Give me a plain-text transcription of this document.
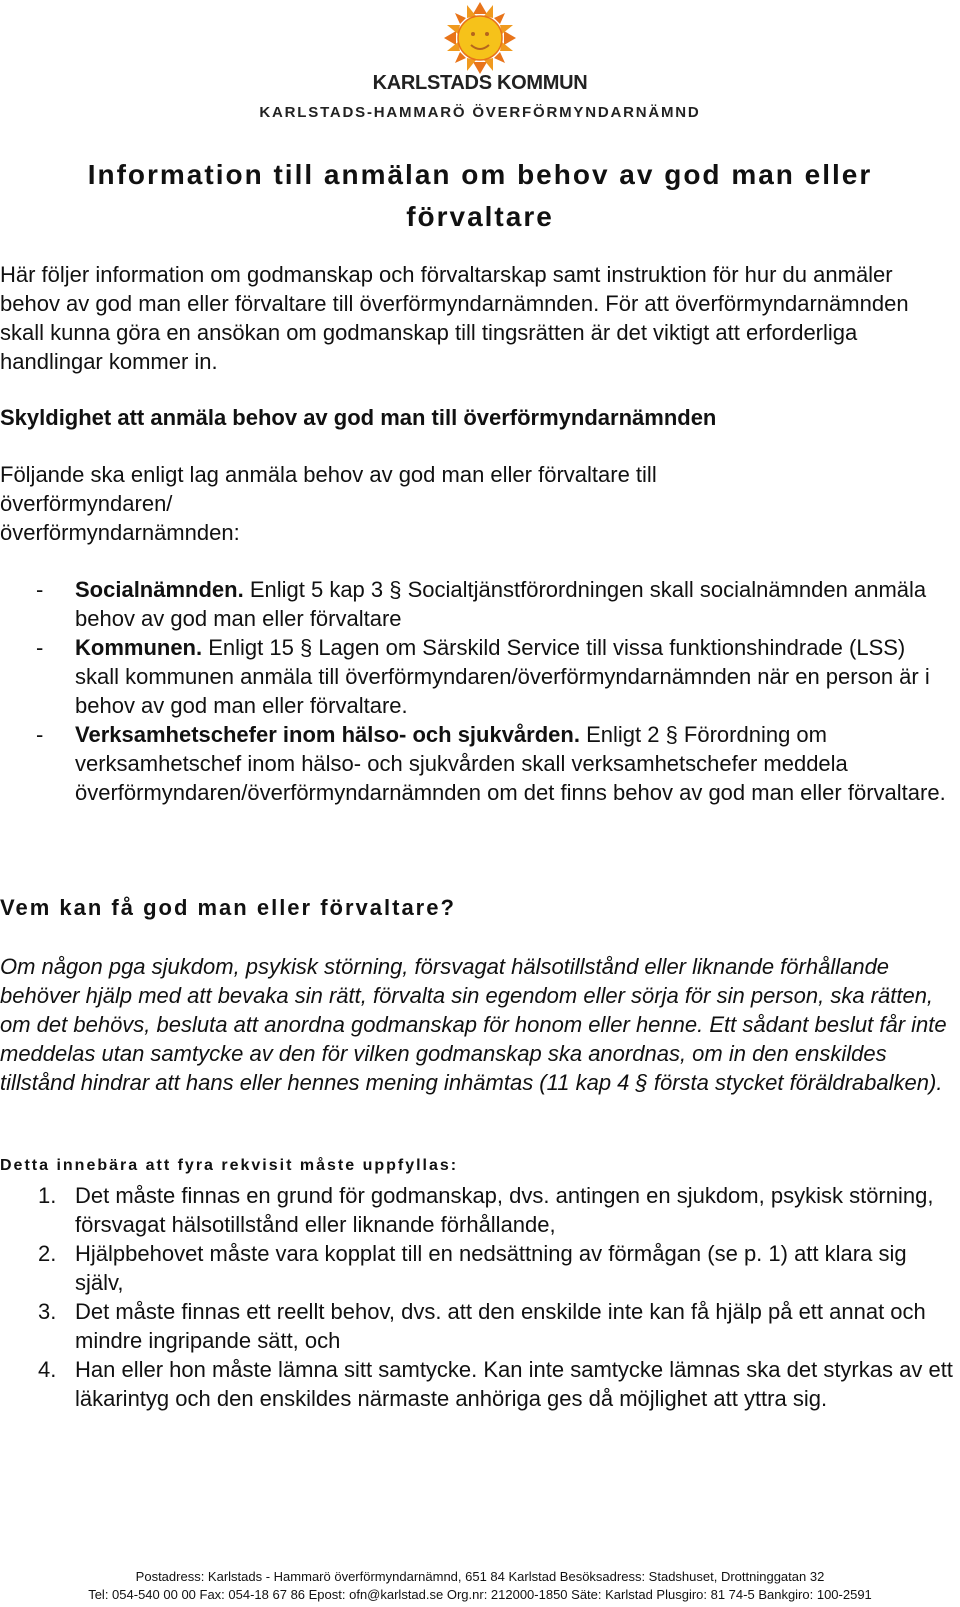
KARLSTADS KOMMUN
KARLSTADS-HAMMARÖ ÖVERFÖRMYNDARNÄMND
Information till anmälan om behov av god man eller förvaltare

Här följer information om godmanskap och förvaltarskap samt instruktion för hur du anmäler behov av god man eller förvaltare till överförmyndarnämnden. För att överförmyndarnämnden skall kunna göra en ansökan om godmanskap till tingsrätten är det viktigt att erforderliga handlingar kommer in.

Skyldighet att anmäla behov av god man till överförmyndarnämnden
Följande ska enligt lag anmäla behov av god man eller förvaltare till
överförmyndaren/
överförmyndarnämnden:
- Socialnämnden. Enligt 5 kap 3 § Socialtjänstförordningen skall socialnämnden anmäla behov av god man eller förvaltare
- Kommunen. Enligt 15 § Lagen om Särskild Service till vissa funktionshindrade (LSS) skall kommunen anmäla till överförmyndaren/överförmyndarnämnden när en person är i behov av god man eller förvaltare.
- Verksamhetschefer inom hälso- och sjukvården. Enligt 2 § Förordning om verksamhetschef inom hälso- och sjukvården skall verksamhetschefer meddela överförmyndaren/överförmyndarnämnden om det finns behov av god man eller förvaltare.
Vem kan få god man eller förvaltare?

Om någon pga sjukdom, psykisk störning, försvagat hälsotillstånd eller liknande förhållande behöver hjälp med att bevaka sin rätt, förvalta sin egendom eller sörja för sin person, ska rätten, om det behövs, besluta att anordna godmanskap för honom eller henne. Ett sådant beslut får inte meddelas utan samtycke av den för vilken godmanskap ska anordnas, om in den enskildes tillstånd hindrar att hans eller hennes mening inhämtas (11 kap 4 § första stycket föräldrabalken).

Detta innebära att fyra rekvisit måste uppfyllas:
1. Det måste finnas en grund för godmanskap, dvs. antingen en sjukdom, psykisk störning, försvagat hälsotillstånd eller liknande förhållande,
2. Hjälpbehovet måste vara kopplat till en nedsättning av förmågan (se p. 1) att klara sig själv,
3. Det måste finnas ett reellt behov, dvs. att den enskilde inte kan få hjälp på ett annat och mindre ingripande sätt, och
4. Han eller hon måste lämna sitt samtycke. Kan inte samtycke lämnas ska det styrkas av ett läkarintyg och den enskildes närmaste anhöriga ges då möjlighet att yttra sig.
Postadress: Karlstads - Hammarö överförmyndarnämnd, 651 84 Karlstad Besöksadress: Stadshuset, Drottninggatan 32
Tel: 054-540 00 00 Fax: 054-18 67 86 Epost: ofn@karlstad.se Org.nr: 212000-1850 Säte: Karlstad Plusgiro: 81 74-5 Bankgiro: 100-2591
